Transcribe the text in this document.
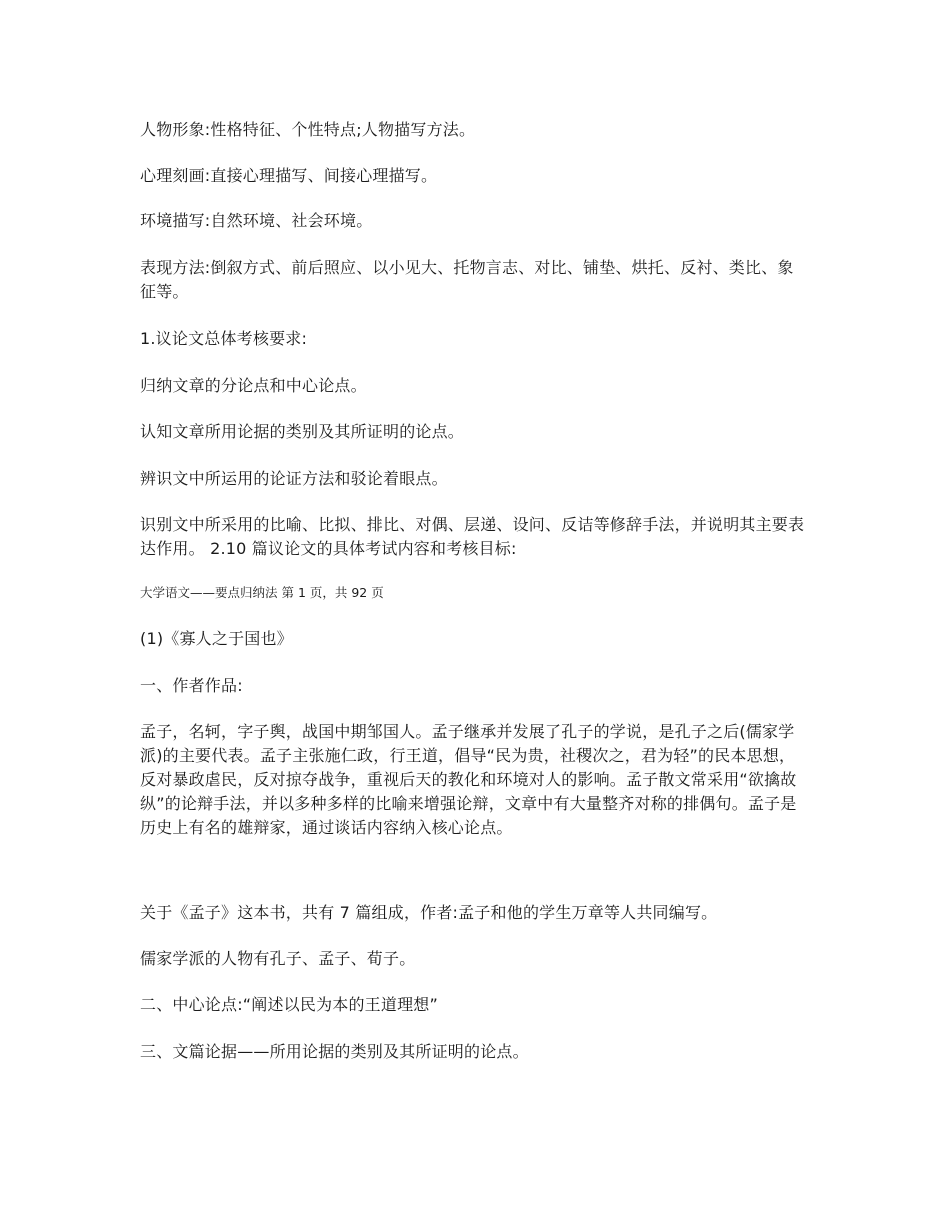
人物形象:性格特征、个性特点;人物描写方法。

心理刻画:直接心理描写、间接心理描写。

环境描写:自然环境、社会环境。

表现方法:倒叙方式、前后照应、以小见大、托物言志、对比、铺垫、烘托、反衬、类比、象征等。

1.议论文总体考核要求:

归纳文章的分论点和中心论点。

认知文章所用论据的类别及其所证明的论点。

辨识文中所运用的论证方法和驳论着眼点。

识别文中所采用的比喻、比拟、排比、对偶、层递、设问、反诘等修辞手法，并说明其主要表达作用。 2.10 篇议论文的具体考试内容和考核目标:

大学语文——要点归纳法 第 1 页，共 92 页

(1)《寡人之于国也》

一、作者作品:

孟子，名轲，字子舆，战国中期邹国人。孟子继承并发展了孔子的学说，是孔子之后(儒家学派)的主要代表。孟子主张施仁政，行王道，倡导“民为贵，社稷次之，君为轻”的民本思想，反对暴政虐民，反对掠夺战争，重视后天的教化和环境对人的影响。孟子散文常采用“欲擒故纵”的论辩手法，并以多种多样的比喻来增强论辩，文章中有大量整齐对称的排偶句。孟子是历史上有名的雄辩家，通过谈话内容纳入核心论点。

关于《孟子》这本书，共有 7 篇组成，作者:孟子和他的学生万章等人共同编写。

儒家学派的人物有孔子、孟子、荀子。

二、中心论点:“阐述以民为本的王道理想”

三、文篇论据——所用论据的类别及其所证明的论点。
